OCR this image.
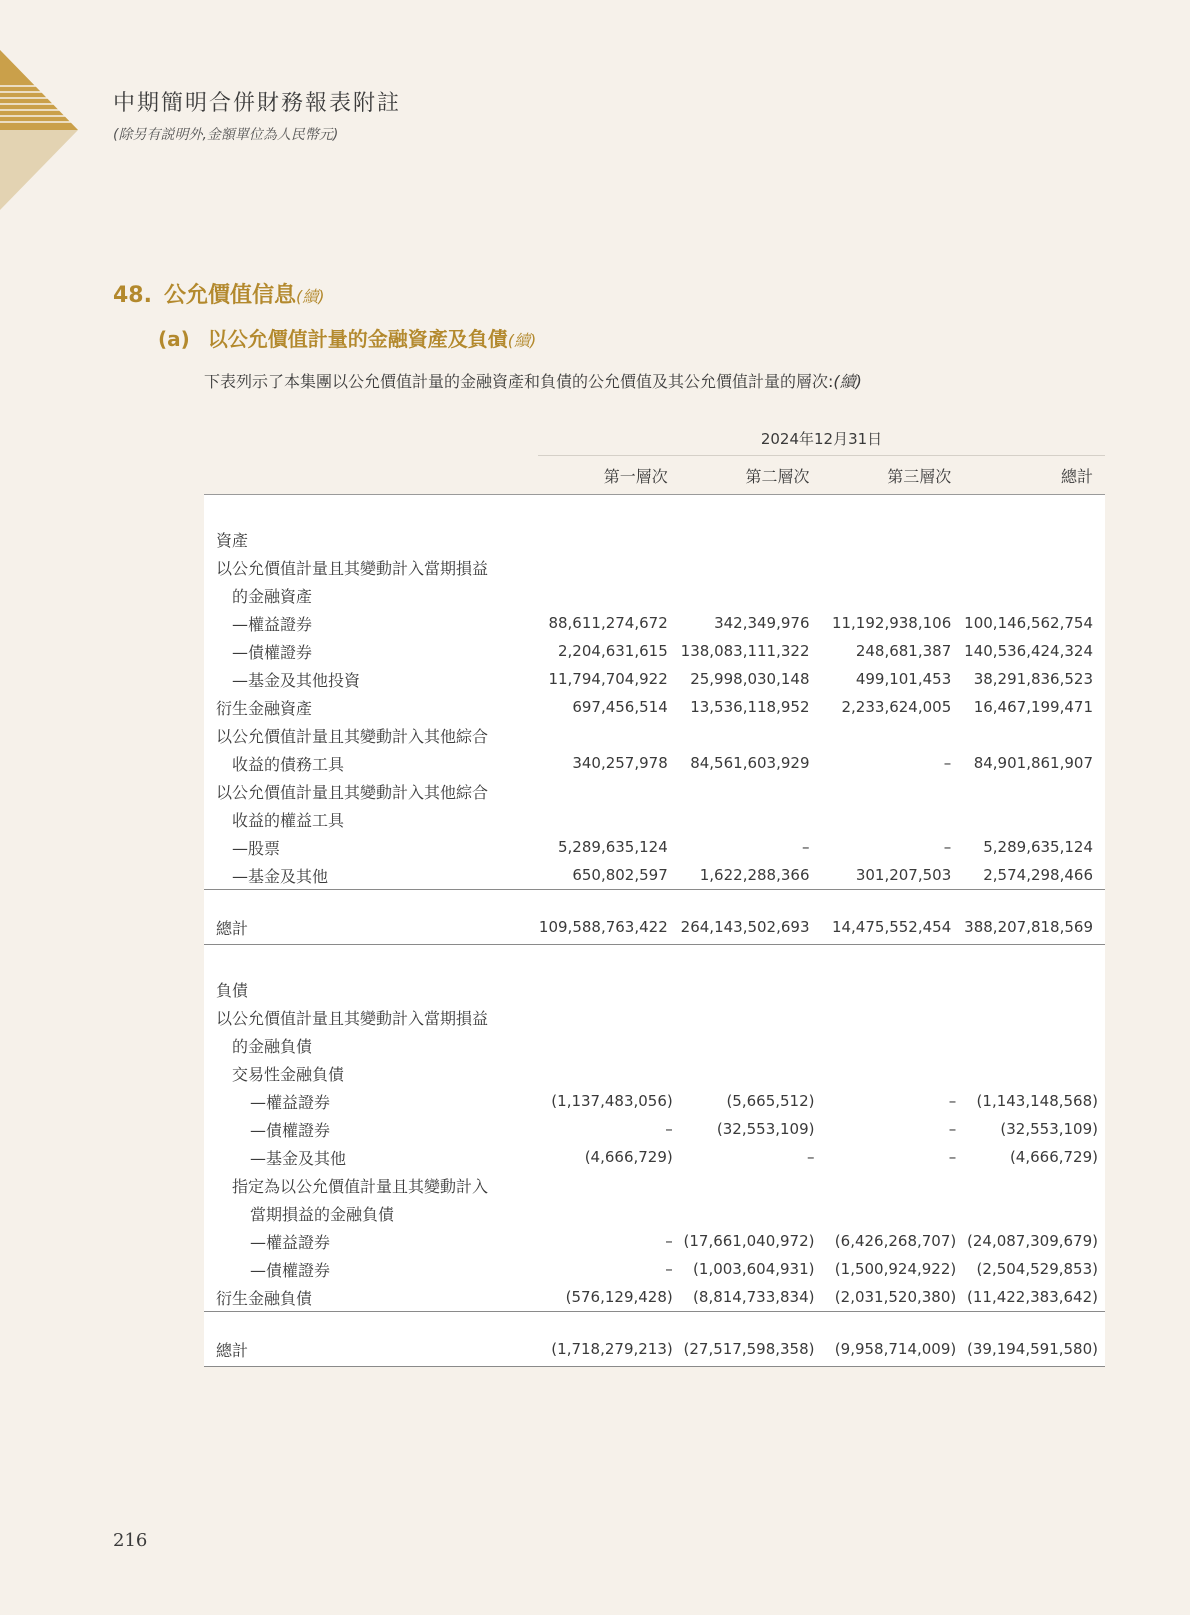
中期簡明合併財務報表附註
(除另有説明外,金額單位為人民幣元)
48. 公允價值信息(續)
(a) 以公允價值計量的金融資產及負債(續)
下表列示了本集團以公允價值計量的金融資產和負債的公允價值及其公允價值計量的層次:(續)
2024年12月31日
	第一層次	第二層次	第三層次	總計

資產				
以公允價值計量且其變動計入當期損益				
的金融資產				
—權益證券	88,611,274,672	342,349,976	11,192,938,106	100,146,562,754
—債權證券	2,204,631,615	138,083,111,322	248,681,387	140,536,424,324
—基金及其他投資	11,794,704,922	25,998,030,148	499,101,453	38,291,836,523
衍生金融資產	697,456,514	13,536,118,952	2,233,624,005	16,467,199,471
以公允價值計量且其變動計入其他綜合				
收益的債務工具	340,257,978	84,561,603,929	–	84,901,861,907
以公允價值計量且其變動計入其他綜合				
收益的權益工具				
—股票	5,289,635,124	–	–	5,289,635,124
—基金及其他	650,802,597	1,622,288,366	301,207,503	2,574,298,466

總計	109,588,763,422	264,143,502,693	14,475,552,454	388,207,818,569

負債				
以公允價值計量且其變動計入當期損益				
的金融負債				
交易性金融負債				
—權益證券	(1,137,483,056)	(5,665,512)	–	(1,143,148,568)
—債權證券	–	(32,553,109)	–	(32,553,109)
—基金及其他	(4,666,729)	–	–	(4,666,729)
指定為以公允價值計量且其變動計入				
當期損益的金融負債				
—權益證券	–	(17,661,040,972)	(6,426,268,707)	(24,087,309,679)
—債權證券	–	(1,003,604,931)	(1,500,924,922)	(2,504,529,853)
衍生金融負債	(576,129,428)	(8,814,733,834)	(2,031,520,380)	(11,422,383,642)

總計	(1,718,279,213)	(27,517,598,358)	(9,958,714,009)	(39,194,591,580)
216
